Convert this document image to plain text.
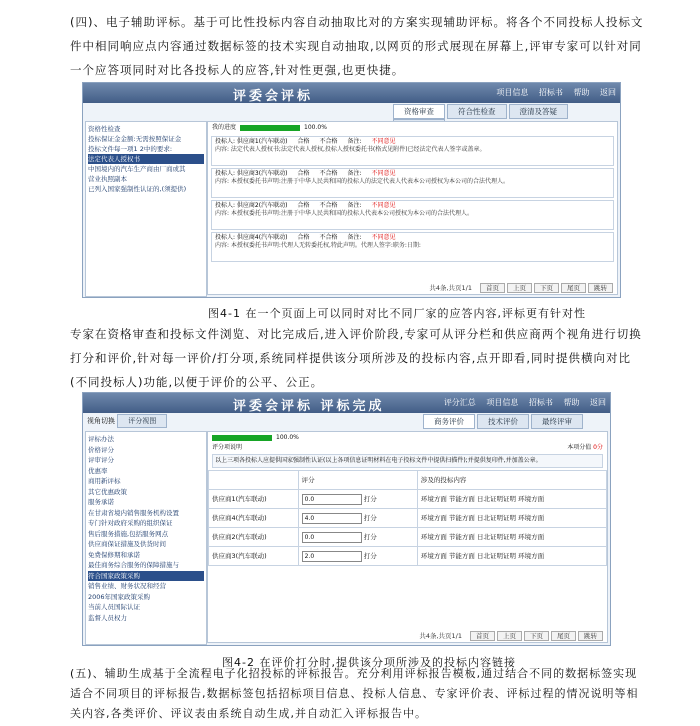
(四)、电子辅助评标。基于可比性投标内容自动抽取比对的方案实现辅助评标。将各个不同投标人投标文件中相同响应点内容通过数据标签的技术实现自动抽取,以网页的形式展现在屏幕上,评审专家可以针对同一个应答项同时对比各投标人的应答,针对性更强,也更快捷。

评委会评标	项目信息 招标书 帮助 返回
资格审查	符合性检查	澄清及答疑
资格性检查
投标保证金金额:无需按照保证金
投标文件每一项1 2中的要求:
法定代表人授权书
中国境内的汽车生产商由厂商或其
营业执照副本
已列入国家强制性认证的,(须提供)
我的进度	100.0%
投标人: 供应商1(汽车联动) 合格 不合格 备注: 不同意见
内容: 法定代表人授权书;法定代表人授权,投标人授权委托书(格式见附件)已经法定代表人签字或盖章。
投标人: 供应商3(汽车联动) 合格 不合格 备注: 不同意见
内容: 本授权委托书声明:注册于中华人民共和国的投标人的法定代表人代表本公司授权为本公司的合法代理人。
投标人: 供应商2(汽车联动) 合格 不合格 备注: 不同意见
内容: 本授权委托书声明:注册于中华人民共和国的投标人代表本公司授权为本公司的合法代理人。
投标人: 供应商4(汽车联动) 合格 不合格 备注: 不同意见
内容: 本授权委托书声明:代理人无转委托权,特此声明。代理人签字:职务:日期:
共4条,共页1/1 首页 上页 下页 尾页 跳转

图4-1 在一个页面上可以同时对比不同厂家的应答内容,评标更有针对性

专家在资格审查和投标文件浏览、对比完成后,进入评价阶段,专家可从评分栏和供应商两个视角进行切换打分和评价,针对每一评价/打分项,系统同样提供该分项所涉及的投标内容,点开即看,同时提供横向对比(不同投标人)功能,以便于评价的公平、公正。

评委会评标 评标完成	评分汇总 项目信息 招标书 帮助 返回
视角切换 评分视图	商务评价	技术评价	最终评审
评标办法
价格评分
评审评分
优惠率
商用新评标
其它优惠政策
服务承诺
在甘肃省境内销售服务机构设置
专门针对政府采购的组织保证
售后服务措施,包括服务网点
供应商保证措施及供货时间
免费保修期和承诺
最佳商务综合服务的保障措施与
符合国家政策采购
销售业绩、财务状况和经营
2006年国家政策采购
当前人员国际认证
监督人员权力
100.0%
评分项说明	本项分值 0分
以上三项各投标人应提供国家强制性认证(以上各项信息证明材料在电子投标文件中提供扫描件);并提供复印件,并加盖公章。
	评分	涉及的投标内容
供应商1(汽车联动)	0.0 打分	环境方面 节能方面 日北证明证明 环境方面
供应商4(汽车联动)	4.0 打分	环境方面 节能方面 日北证明证明 环境方面
供应商2(汽车联动)	0.0 打分	环境方面 节能方面 日北证明证明 环境方面
供应商3(汽车联动)	2.0 打分	环境方面 节能方面 日北证明证明 环境方面
共4条,共页1/1 首页 上页 下页 尾页 跳转

图4-2 在评价打分时,提供该分项所涉及的投标内容链接

(五)、辅助生成基于全流程电子化招投标的评标报告。充分利用评标报告模板,通过结合不同的数据标签实现适合不同项目的评标报告,数据标签包括招标项目信息、投标人信息、专家评价表、评标过程的情况说明等相关内容,各类评价、评议表由系统自动生成,并自动汇入评标报告中。
